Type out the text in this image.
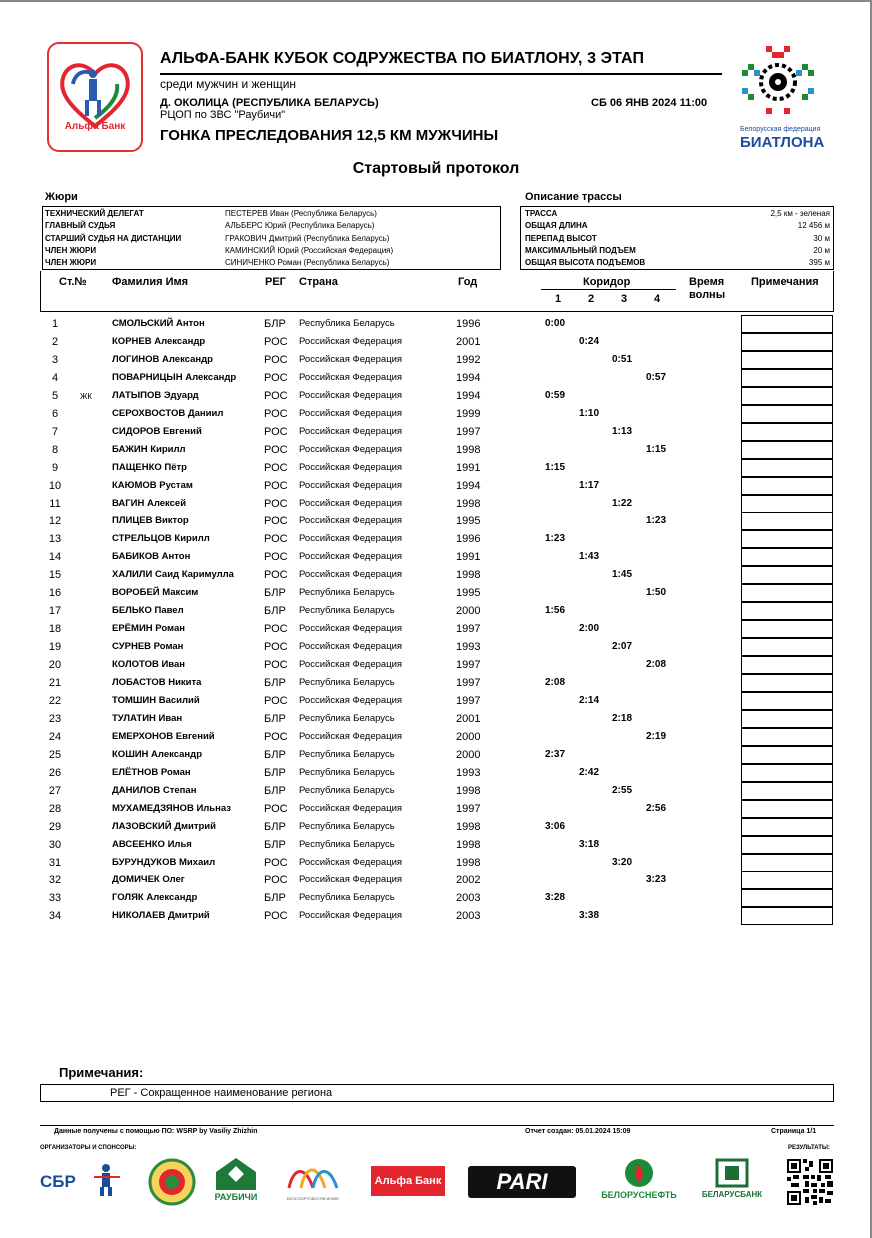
Альфа Банк
АЛЬФА-БАНК КУБОК СОДРУЖЕСТВА ПО БИАТЛОНУ, 3 ЭТАП
среди мужчин и женщин
Д. ОКОЛИЦА (РЕСПУБЛИКА БЕЛАРУСЬ)	СБ 06 ЯНВ 2024 11:00
РЦОП по ЗВС "Раубичи"
ГОНКА ПРЕСЛЕДОВАНИЯ 12,5 КМ МУЖЧИНЫ	Белорусская федерация
БИАТЛОНА
Стартовый протокол
Жюри
ТЕХНИЧЕСКИЙ ДЕЛЕГАТ	ПЕСТЕРЕВ Иван (Республика Беларусь)
ГЛАВНЫЙ СУДЬЯ	АЛЬБЕРС Юрий (Республика Беларусь)
СТАРШИЙ СУДЬЯ НА ДИСТАНЦИИ	ГРАКОВИЧ Дмитрий (Республика Беларусь)
ЧЛЕН ЖЮРИ	КАМИНСКИЙ Юрий (Российская Федерация)
ЧЛЕН ЖЮРИ	СИНИЧЕНКО Роман (Республика Беларусь)
Описание трассы
ТРАССА	2,5 км - зеленая
ОБЩАЯ ДЛИНА	12 456 м
ПЕРЕПАД ВЫСОТ	30 м
МАКСИМАЛЬНЫЙ ПОДЪЕМ	20 м
ОБЩАЯ ВЫСОТА ПОДЪЕМОВ	395 м
Ст.№ Фамилия Имя	РЕГ Страна	Год	Коридор
1 2 3 4
Время
волны
Примечания
1	СМОЛЬСКИЙ Антон	БЛР Республика Беларусь	1996	0:00
2	КОРНЕВ Александр	РОС Российская Федерация	2001	0:24
3	ЛОГИНОВ Александр	РОС Российская Федерация	1992	0:51
4	ПОВАРНИЦЫН Александр	РОС Российская Федерация	1994	0:57
5	ЖК ЛАТЫПОВ Эдуард	РОС Российская Федерация	1994	0:59
6	СЕРОХВОСТОВ Даниил	РОС Российская Федерация	1999	1:10
7	СИДОРОВ Евгений	РОС Российская Федерация	1997	1:13
8	БАЖИН Кирилл	РОС Российская Федерация	1998	1:15
9	ПАЩЕНКО Пётр	РОС Российская Федерация	1991	1:15
10	КАЮМОВ Рустам	РОС Российская Федерация	1994	1:17
11	ВАГИН Алексей	РОС Российская Федерация	1998	1:22
12	ПЛИЦЕВ Виктор	РОС Российская Федерация	1995	1:23
13	СТРЕЛЬЦОВ Кирилл	РОС Российская Федерация	1996	1:23
14	БАБИКОВ Антон	РОС Российская Федерация	1991	1:43
15	ХАЛИЛИ Саид Каримулла	РОС Российская Федерация	1998	1:45
16	ВОРОБЕЙ Максим	БЛР Республика Беларусь	1995	1:50
17	БЕЛЬКО Павел	БЛР Республика Беларусь	2000	1:56
18	ЕРЁМИН Роман	РОС Российская Федерация	1997	2:00
19	СУРНЕВ Роман	РОС Российская Федерация	1993	2:07
20	КОЛОТОВ Иван	РОС Российская Федерация	1997	2:08
21	ЛОБАСТОВ Никита	БЛР Республика Беларусь	1997	2:08
22	ТОМШИН Василий	РОС Российская Федерация	1997	2:14
23	ТУЛАТИН Иван	БЛР Республика Беларусь	2001	2:18
24	ЕМЕРХОНОВ Евгений	РОС Российская Федерация	2000	2:19
25	КОШИН Александр	БЛР Республика Беларусь	2000	2:37
26	ЕЛЁТНОВ Роман	БЛР Республика Беларусь	1993	2:42
27	ДАНИЛОВ Степан	БЛР Республика Беларусь	1998	2:55
28	МУХАМЕДЗЯНОВ Ильназ	РОС Российская Федерация	1997	2:56
29	ЛАЗОВСКИЙ Дмитрий	БЛР Республика Беларусь	1998	3:06
30	АВСЕЕНКО Илья	БЛР Республика Беларусь	1998	3:18
31	БУРУНДУКОВ Михаил	РОС Российская Федерация	1998	3:20
32	ДОМИЧЕК Олег	РОС Российская Федерация	2002	3:23
33	ГОЛЯК Александр	БЛР Республика Беларусь	2003	3:28
34	НИКОЛАЕВ Дмитрий	РОС Российская Федерация	2003	3:38
Примечания:
РЕГ - Сокращенное наименование региона
Данные получены с помощью ПО: WSRP by Vasiliy Zhizhin	Отчет создан: 05.01.2024 15:09	Страница 1/1
ОРГАНИЗАТОРЫ И СПОНСОРЫ:	РЕЗУЛЬТАТЫ:
СБР
РАУБИЧИ	БЕЛСПОРТОБЕСПЕЧЕНИЕ
Альфа Банк	PARI
БЕЛОРУСНЕФТЬ	БЕЛАРУСБАНК
